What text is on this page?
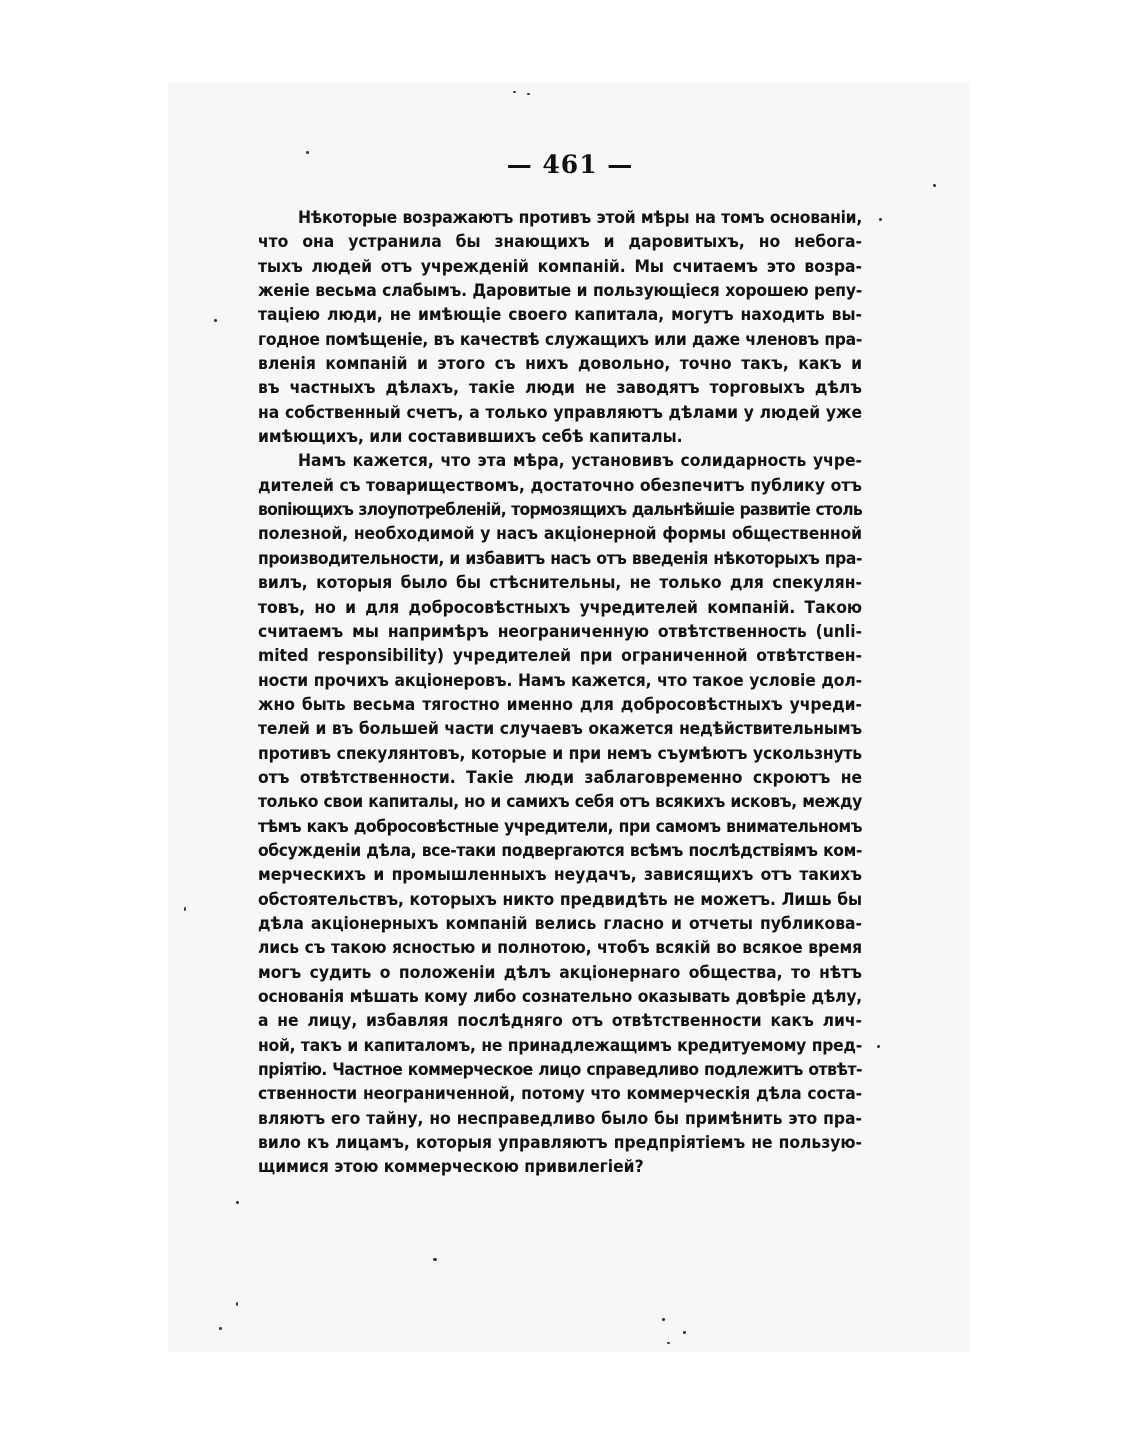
— 461 —
Нѣкоторые возражаютъ противъ этой мѣры на томъ основаніи,
что она устранила бы знающихъ и даровитыхъ, но небога-
тыхъ людей отъ учрежденій компаній. Мы считаемъ это возра-
женіе весьма слабымъ. Даровитые и пользующіеся хорошею репу-
таціею люди, не имѣющіе своего капитала, могутъ находить вы-
годное помѣщеніе, въ качествѣ служащихъ или даже членовъ пра-
вленія компаній и этого съ нихъ довольно, точно такъ, какъ и
въ частныхъ дѣлахъ, такіе люди не заводятъ торговыхъ дѣлъ
на собственный счетъ, а только управляютъ дѣлами у людей уже
имѣющихъ, или составившихъ себѣ капиталы.
Намъ кажется, что эта мѣра, установивъ солидарность учре-
дителей съ товариществомъ, достаточно обезпечитъ публику отъ
вопіющихъ злоупотребленій, тормозящихъ дальнѣйшіе развитіе столь
полезной, необходимой у насъ акціонерной формы общественной
производительности, и избавитъ насъ отъ введенія нѣкоторыхъ пра-
вилъ, которыя было бы стѣснительны, не только для спекулян-
товъ, но и для добросовѣстныхъ учредителей компаній. Такою
считаемъ мы напримѣръ неограниченную отвѣтственность (unli-
mited responsibility) учредителей при ограниченной отвѣтствен-
ности прочихъ акціонеровъ. Намъ кажется, что такое условіе дол-
жно быть весьма тягостно именно для добросовѣстныхъ учреди-
телей и въ большей части случаевъ окажется недѣйствительнымъ
противъ спекулянтовъ, которые и при немъ съумѣютъ ускользнуть
отъ отвѣтственности. Такіе люди заблаговременно скроютъ не
только свои капиталы, но и самихъ себя отъ всякихъ исковъ, между
тѣмъ какъ добросовѣстные учредители, при самомъ внимательномъ
обсужденіи дѣла, все-таки подвергаются всѣмъ послѣдствіямъ ком-
мерческихъ и промышленныхъ неудачъ, зависящихъ отъ такихъ
обстоятельствъ, которыхъ никто предвидѣть не можетъ. Лишь бы
дѣла акціонерныхъ компаній велись гласно и отчеты публикова-
лись съ такою ясностью и полнотою, чтобъ всякій во всякое время
могъ судить о положеніи дѣлъ акціонернаго общества, то нѣтъ
основанія мѣшать кому либо сознательно оказывать довѣріе дѣлу,
а не лицу, избавляя послѣдняго отъ отвѣтственности какъ лич-
ной, такъ и капиталомъ, не принадлежащимъ кредитуемому пред-
пріятію. Частное коммерческое лицо справедливо подлежитъ отвѣт-
ственности неограниченной, потому что коммерческія дѣла соста-
вляютъ его тайну, но несправедливо было бы примѣнить это пра-
вило къ лицамъ, которыя управляютъ предпріятіемъ не пользую-
щимися этою коммерческою привилегіей?
